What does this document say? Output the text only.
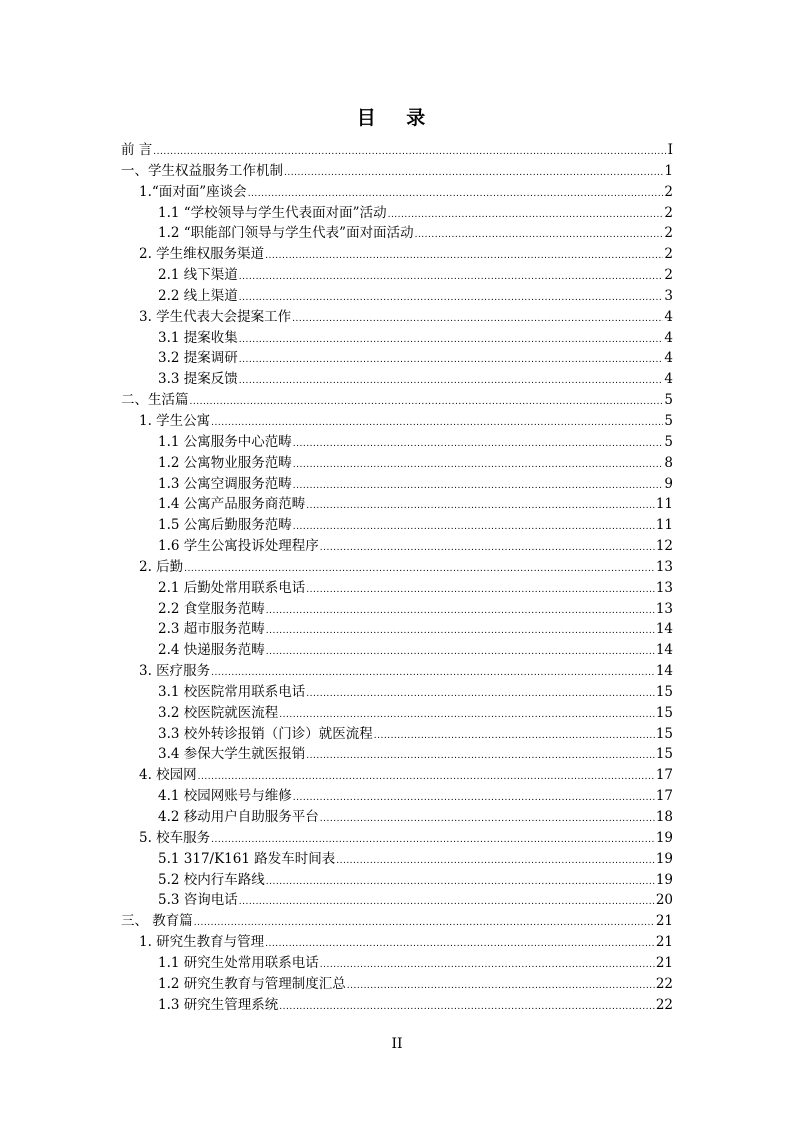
目 录
前 言 .....	I
一、学生权益服务工作机制 .....	1
1.“面对面”座谈会 .....	2
1.1 “学校领导与学生代表面对面”活动 .....	2
1.2 “职能部门领导与学生代表”面对面活动 .....	2
2. 学生维权服务渠道 .....	2
2.1 线下渠道 .....	2
2.2 线上渠道 .....	3
3. 学生代表大会提案工作 .....	4
3.1 提案收集 .....	4
3.2 提案调研 .....	4
3.3 提案反馈 .....	4
二、生活篇 .....	5
1. 学生公寓 .....	5
1.1 公寓服务中心范畴 .....	5
1.2 公寓物业服务范畴 .....	8
1.3 公寓空调服务范畴 .....	9
1.4 公寓产品服务商范畴 .....	11
1.5 公寓后勤服务范畴 .....	11
1.6 学生公寓投诉处理程序 .....	12
2. 后勤 .....	13
2.1 后勤处常用联系电话 .....	13
2.2 食堂服务范畴 .....	13
2.3 超市服务范畴 .....	14
2.4 快递服务范畴 .....	14
3. 医疗服务 .....	14
3.1 校医院常用联系电话 .....	15
3.2 校医院就医流程 .....	15
3.3 校外转诊报销（门诊）就医流程 .....	15
3.4 参保大学生就医报销 .....	15
4. 校园网 .....	17
4.1 校园网账号与维修 .....	17
4.2 移动用户自助服务平台 .....	18
5. 校车服务 .....	19
5.1 317/K161 路发车时间表 .....	19
5.2 校内行车路线 .....	19
5.3 咨询电话 .....	20
三、 教育篇 .....	21
1. 研究生教育与管理 .....	21
1.1 研究生处常用联系电话 .....	21
1.2 研究生教育与管理制度汇总 .....	22
1.3 研究生管理系统 .....	22
II
